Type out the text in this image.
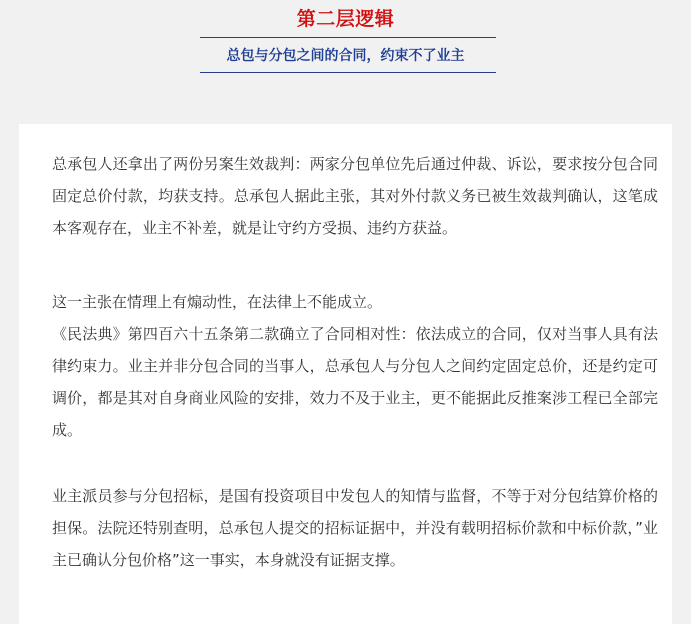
第二层逻辑
总包与分包之间的合同，约束不了业主

总承包人还拿出了两份另案生效裁判：两家分包单位先后通过仲裁、诉讼，要求按分包合同固定总价付款，均获支持。总承包人据此主张，其对外付款义务已被生效裁判确认，这笔成本客观存在，业主不补差，就是让守约方受损、违约方获益。

这一主张在情理上有煽动性，在法律上不能成立。

《民法典》第四百六十五条第二款确立了合同相对性：依法成立的合同，仅对当事人具有法律约束力。业主并非分包合同的当事人，总承包人与分包人之间约定固定总价，还是约定可调价，都是其对自身商业风险的安排，效力不及于业主，更不能据此反推案涉工程已全部完成。

业主派员参与分包招标，是国有投资项目中发包人的知情与监督，不等于对分包结算价格的担保。法院还特别查明，总承包人提交的招标证据中，并没有载明招标价款和中标价款，”业主已确认分包价格”这一事实，本身就没有证据支撑。
